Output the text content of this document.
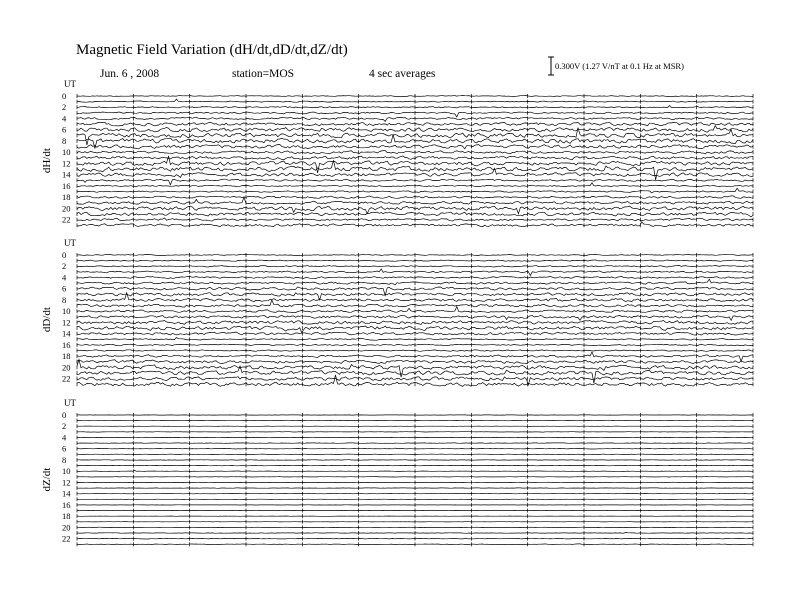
Magnetic Field Variation (dH/dt,dD/dt,dZ/dt)
Jun. 6 , 2008	station=MOS	4 sec averages
0.300V (1.27 V/nT at 0.1 Hz at MSR)
UT
dH/dt
0
2
4
6
8
10
12
14
16
18
20
22
UT
dD/dt
0
2
4
6
8
10
12
14
16
18
20
22
UT
dZ/dt
0
2
4
6
8
10
12
14
16
18
20
22
